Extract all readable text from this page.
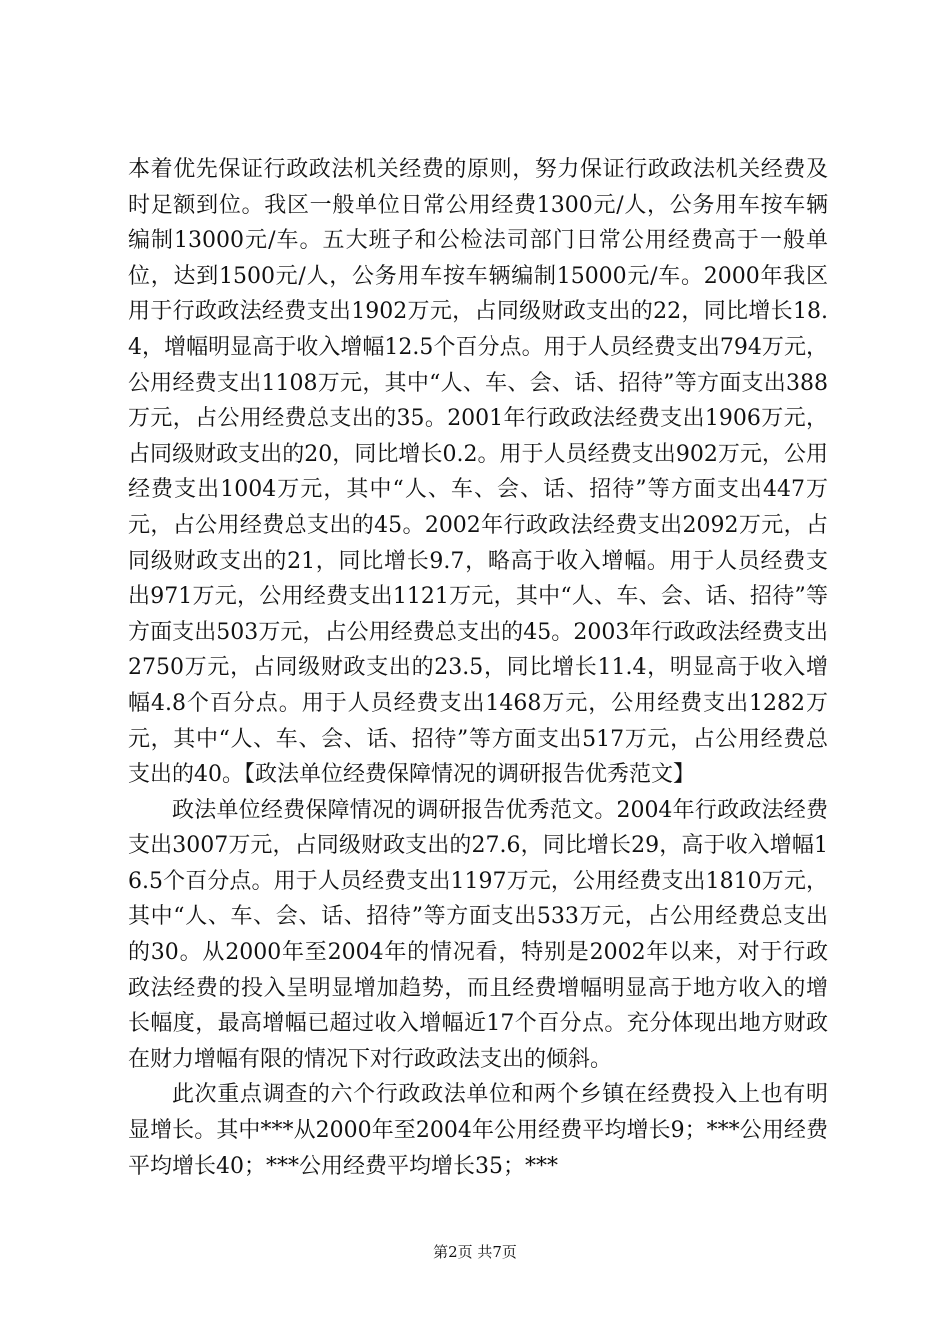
本着优先保证行政政法机关经费的原则，努力保证行政政法机关经费及时足额到位。我区一般单位日常公用经费1300元/人，公务用车按车辆编制13000元/车。五大班子和公检法司部门日常公用经费高于一般单位，达到1500元/人，公务用车按车辆编制15000元/车。2000年我区用于行政政法经费支出1902万元，占同级财政支出的22，同比增长18.4，增幅明显高于收入增幅12.5个百分点。用于人员经费支出794万元，公用经费支出1108万元，其中“人、车、会、话、招待”等方面支出388万元，占公用经费总支出的35。2001年行政政法经费支出1906万元，占同级财政支出的20，同比增长0.2。用于人员经费支出902万元，公用经费支出1004万元，其中“人、车、会、话、招待”等方面支出447万元，占公用经费总支出的45。2002年行政政法经费支出2092万元，占同级财政支出的21，同比增长9.7，略高于收入增幅。用于人员经费支出971万元，公用经费支出1121万元，其中“人、车、会、话、招待”等方面支出503万元，占公用经费总支出的45。2003年行政政法经费支出2750万元，占同级财政支出的23.5，同比增长11.4，明显高于收入增幅4.8个百分点。用于人员经费支出1468万元，公用经费支出1282万元，其中“人、车、会、话、招待”等方面支出517万元，占公用经费总支出的40。【政法单位经费保障情况的调研报告优秀范文】

政法单位经费保障情况的调研报告优秀范文。2004年行政政法经费支出3007万元，占同级财政支出的27.6，同比增长29，高于收入增幅16.5个百分点。用于人员经费支出1197万元，公用经费支出1810万元，其中“人、车、会、话、招待”等方面支出533万元，占公用经费总支出的30。从2000年至2004年的情况看，特别是2002年以来，对于行政政法经费的投入呈明显增加趋势，而且经费增幅明显高于地方收入的增长幅度，最高增幅已超过收入增幅近17个百分点。充分体现出地方财政在财力增幅有限的情况下对行政政法支出的倾斜。

此次重点调查的六个行政政法单位和两个乡镇在经费投入上也有明显增长。其中***从2000年至2004年公用经费平均增长9；***公用经费平均增长40；***公用经费平均增长35；***

第2页 共7页
